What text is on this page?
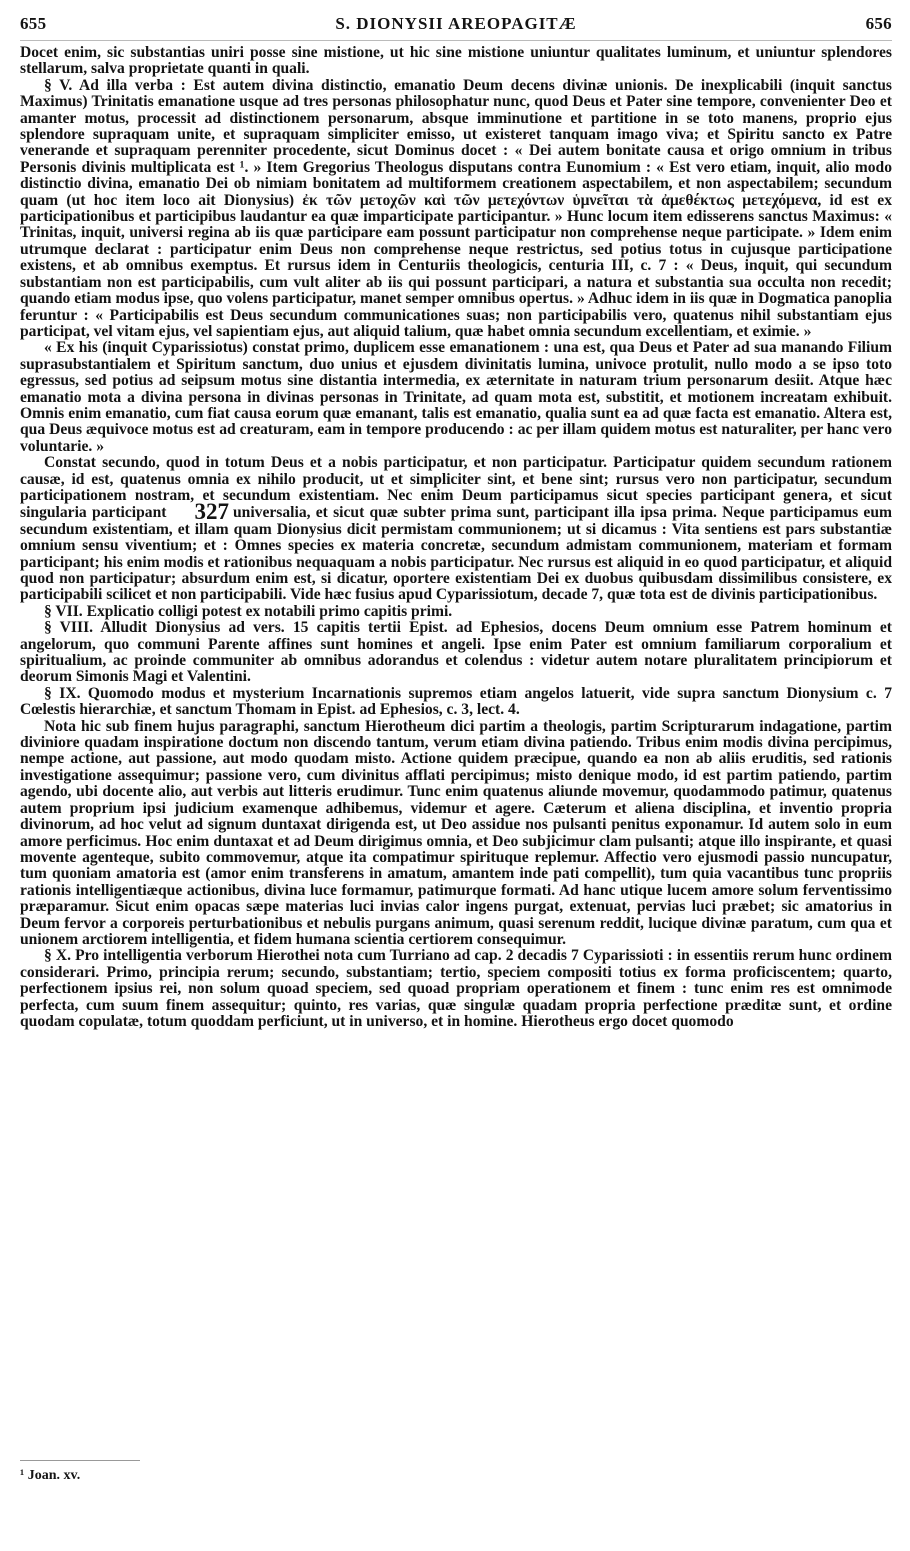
655	S. DIONYSII AREOPAGITÆ	656

Docet enim, sic substantias uniri posse sine mistione, ut hic sine mistione uniuntur qualitates luminum, et uniuntur splendores stellarum, salva proprietate quanti in quali.

§ V. Ad illa verba : Est autem divina distinctio, emanatio Deum decens divinæ unionis. De inexplicabili (inquit sanctus Maximus) Trinitatis emanatione usque ad tres personas philosophatur nunc, quod Deus et Pater sine tempore, convenienter Deo et amanter motus, processit ad distinctionem personarum, absque imminutione et partitione in se toto manens, proprio ejus splendore supraquam unite, et supraquam simpliciter emisso, ut existeret tanquam imago viva; et Spiritu sancto ex Patre venerande et supraquam perenniter procedente, sicut Dominus docet : « Dei autem bonitate causa et origo omnium in tribus Personis divinis multiplicata est ¹. » Item Gregorius Theologus disputans contra Eunomium : « Est vero etiam, inquit, alio modo distinctio divina, emanatio Dei ob nimiam bonitatem ad multiformem creationem aspectabilem, et non aspectabilem; secundum quam (ut hoc item loco ait Dionysius) ἐκ τῶν μετοχῶν καὶ τῶν μετεχόντων ὑμνεῖται τὰ ἀμεθέκτως μετεχόμενα, id est ex participationibus et participibus laudantur ea quæ imparticipate participantur. » Hunc locum item edisserens sanctus Maximus: « Trinitas, inquit, universi regina ab iis quæ participare eam possunt participatur non comprehense neque participate. » Idem enim utrumque declarat : participatur enim Deus non comprehense neque restrictus, sed potius totus in cujusque participatione existens, et ab omnibus exemptus. Et rursus idem in Centuriis theologicis, centuria III, c. 7 : « Deus, inquit, qui secundum substantiam non est participabilis, cum vult aliter ab iis qui possunt participari, a natura et substantia sua occulta non recedit; quando etiam modus ipse, quo volens participatur, manet semper omnibus opertus. » Adhuc idem in iis quæ in Dogmatica panoplia feruntur : « Participabilis est Deus secundum communicationes suas; non participabilis vero, quatenus nihil substantiam ejus participat, vel vitam ejus, vel sapientiam ejus, aut aliquid talium, quæ habet omnia secundum excellentiam, et eximie. »

« Ex his (inquit Cyparissiotus) constat primo, duplicem esse emanationem : una est, qua Deus et Pater ad sua manando Filium suprasubstantialem et Spiritum sanctum, duo unius et ejusdem divinitatis lumina, univoce protulit, nullo modo a se ipso toto egressus, sed potius ad seipsum motus sine distantia intermedia, ex æternitate in naturam trium personarum desiit. Atque hæc emanatio mota a divina persona in divinas personas in Trinitate, ad quam mota est, substitit, et motionem increatam exhibuit. Omnis enim emanatio, cum fiat causa eorum quæ emanant, talis est emanatio, qualia sunt ea ad quæ facta est emanatio. Altera est, qua Deus æquivoce motus est ad creaturam, eam in tempore producendo : ac per illam quidem motus est naturaliter, per hanc vero voluntarie. »

Constat secundo, quod in totum Deus et a nobis participatur, et non participatur. Participatur quidem secundum rationem causæ, id est, quatenus omnia ex nihilo producit, ut et simpliciter sint, et bene sint; rursus vero non participatur, secundum participationem nostram, et secundum existentiam. Nec enim Deum participamus sicut species participant genera, et sicut singularia participant 327 universalia, et sicut quæ subter prima sunt, participant illa ipsa prima. Neque participamus eum secundum existentiam, et illam quam Dionysius dicit permistam communionem; ut si dicamus : Vita sentiens est pars substantiæ omnium sensu viventium; et : Omnes species ex materia concretæ, secundum admistam communionem, materiam et formam participant; his enim modis et rationibus nequaquam a nobis participatur. Nec rursus est aliquid in eo quod participatur, et aliquid quod non participatur; absurdum enim est, si dicatur, oportere existentiam Dei ex duobus quibusdam dissimilibus consistere, ex participabili scilicet et non participabili. Vide hæc fusius apud Cyparissiotum, decade 7, quæ tota est de divinis participationibus.

§ VII. Explicatio colligi potest ex notabili primo capitis primi.

§ VIII. Alludit Dionysius ad vers. 15 capitis tertii Epist. ad Ephesios, docens Deum omnium esse Patrem hominum et angelorum, quo communi Parente affines sunt homines et angeli. Ipse enim Pater est omnium familiarum corporalium et spiritualium, ac proinde communiter ab omnibus adorandus et colendus : videtur autem notare pluralitatem principiorum et deorum Simonis Magi et Valentini.

§ IX. Quomodo modus et mysterium Incarnationis supremos etiam angelos latuerit, vide supra sanctum Dionysium c. 7 Cœlestis hierarchiæ, et sanctum Thomam in Epist. ad Ephesios, c. 3, lect. 4.

Nota hic sub finem hujus paragraphi, sanctum Hierotheum dici partim a theologis, partim Scripturarum indagatione, partim diviniore quadam inspiratione doctum non discendo tantum, verum etiam divina patiendo. Tribus enim modis divina percipimus, nempe actione, aut passione, aut modo quodam misto. Actione quidem præcipue, quando ea non ab aliis eruditis, sed rationis investigatione assequimur; passione vero, cum divinitus afflati percipimus; misto denique modo, id est partim patiendo, partim agendo, ubi docente alio, aut verbis aut litteris erudimur. Tunc enim quatenus aliunde movemur, quodammodo patimur, quatenus autem proprium ipsi judicium examenque adhibemus, videmur et agere. Cæterum et aliena disciplina, et inventio propria divinorum, ad hoc velut ad signum duntaxat dirigenda est, ut Deo assidue nos pulsanti penitus exponamur. Id autem solo in eum amore perficimus. Hoc enim duntaxat et ad Deum dirigimus omnia, et Deo subjicimur clam pulsanti; atque illo inspirante, et quasi movente agenteque, subito commovemur, atque ita compatimur spirituque replemur. Affectio vero ejusmodi passio nuncupatur, tum quoniam amatoria est (amor enim transferens in amatum, amantem inde pati compellit), tum quia vacantibus tunc propriis rationis intelligentiæque actionibus, divina luce formamur, patimurque formati. Ad hanc utique lucem amore solum ferventissimo præparamur. Sicut enim opacas sæpe materias luci invias calor ingens purgat, extenuat, pervias luci præbet; sic amatorius in Deum fervor a corporeis perturbationibus et nebulis purgans animum, quasi serenum reddit, lucique divinæ paratum, cum qua et unionem arctiorem intelligentia, et fidem humana scientia certiorem consequimur.

§ X. Pro intelligentia verborum Hierothei nota cum Turriano ad cap. 2 decadis 7 Cyparissioti : in essentiis rerum hunc ordinem considerari. Primo, principia rerum; secundo, substantiam; tertio, speciem compositi totius ex forma proficiscentem; quarto, perfectionem ipsius rei, non solum quoad speciem, sed quoad propriam operationem et finem : tunc enim res est omnimode perfecta, cum suum finem assequitur; quinto, res varias, quæ singulæ quadam propria perfectione præditæ sunt, et ordine quodam copulatæ, totum quoddam perficiunt, ut in universo, et in homine. Hierotheus ergo docet quomodo

¹ Joan. xv.
